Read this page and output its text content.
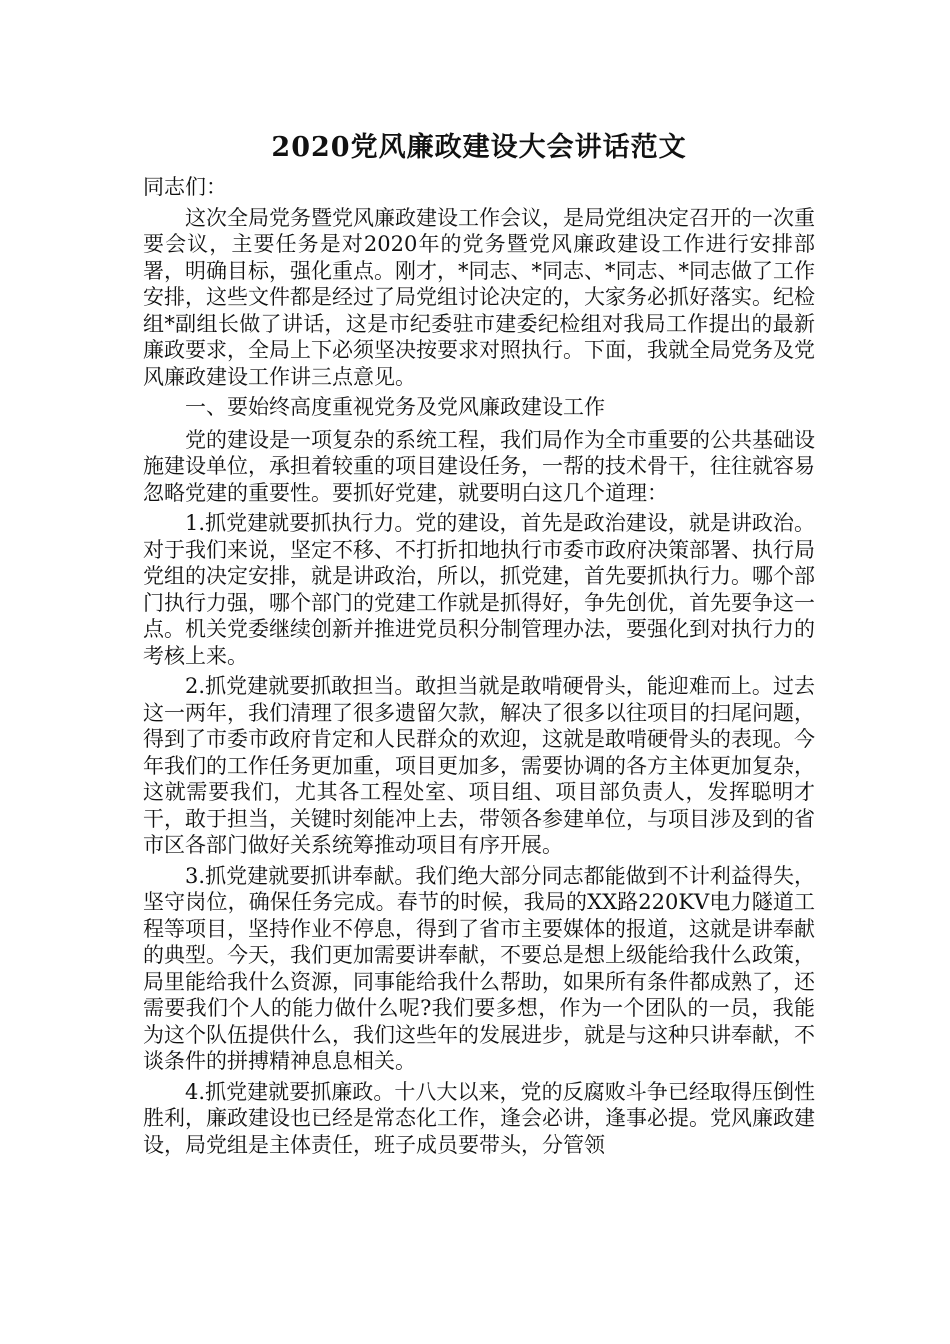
2020党风廉政建设大会讲话范文

同志们：

这次全局党务暨党风廉政建设工作会议，是局党组决定召开的一次重要会议，主要任务是对2020年的党务暨党风廉政建设工作进行安排部署，明确目标，强化重点。刚才，*同志、*同志、*同志、*同志做了工作安排，这些文件都是经过了局党组讨论决定的，大家务必抓好落实。纪检组*副组长做了讲话，这是市纪委驻市建委纪检组对我局工作提出的最新廉政要求，全局上下必须坚决按要求对照执行。下面，我就全局党务及党风廉政建设工作讲三点意见。

一、要始终高度重视党务及党风廉政建设工作

党的建设是一项复杂的系统工程，我们局作为全市重要的公共基础设施建设单位，承担着较重的项目建设任务，一帮的技术骨干，往往就容易忽略党建的重要性。要抓好党建，就要明白这几个道理：

1.抓党建就要抓执行力。党的建设，首先是政治建设，就是讲政治。对于我们来说，坚定不移、不打折扣地执行市委市政府决策部署、执行局党组的决定安排，就是讲政治，所以，抓党建，首先要抓执行力。哪个部门执行力强，哪个部门的党建工作就是抓得好，争先创优，首先要争这一点。机关党委继续创新并推进党员积分制管理办法，要强化到对执行力的考核上来。

2.抓党建就要抓敢担当。敢担当就是敢啃硬骨头，能迎难而上。过去这一两年，我们清理了很多遗留欠款，解决了很多以往项目的扫尾问题，得到了市委市政府肯定和人民群众的欢迎，这就是敢啃硬骨头的表现。今年我们的工作任务更加重，项目更加多，需要协调的各方主体更加复杂，这就需要我们，尤其各工程处室、项目组、项目部负责人，发挥聪明才干，敢于担当，关键时刻能冲上去，带领各参建单位，与项目涉及到的省市区各部门做好关系统筹推动项目有序开展。

3.抓党建就要抓讲奉献。我们绝大部分同志都能做到不计利益得失，坚守岗位，确保任务完成。春节的时候，我局的XX路220KV电力隧道工程等项目，坚持作业不停息，得到了省市主要媒体的报道，这就是讲奉献的典型。今天，我们更加需要讲奉献，不要总是想上级能给我什么政策，局里能给我什么资源，同事能给我什么帮助，如果所有条件都成熟了，还需要我们个人的能力做什么呢?我们要多想，作为一个团队的一员，我能为这个队伍提供什么，我们这些年的发展进步，就是与这种只讲奉献，不谈条件的拼搏精神息息相关。

4.抓党建就要抓廉政。十八大以来，党的反腐败斗争已经取得压倒性胜利，廉政建设也已经是常态化工作，逢会必讲，逢事必提。党风廉政建设，局党组是主体责任，班子成员要带头，分管领
